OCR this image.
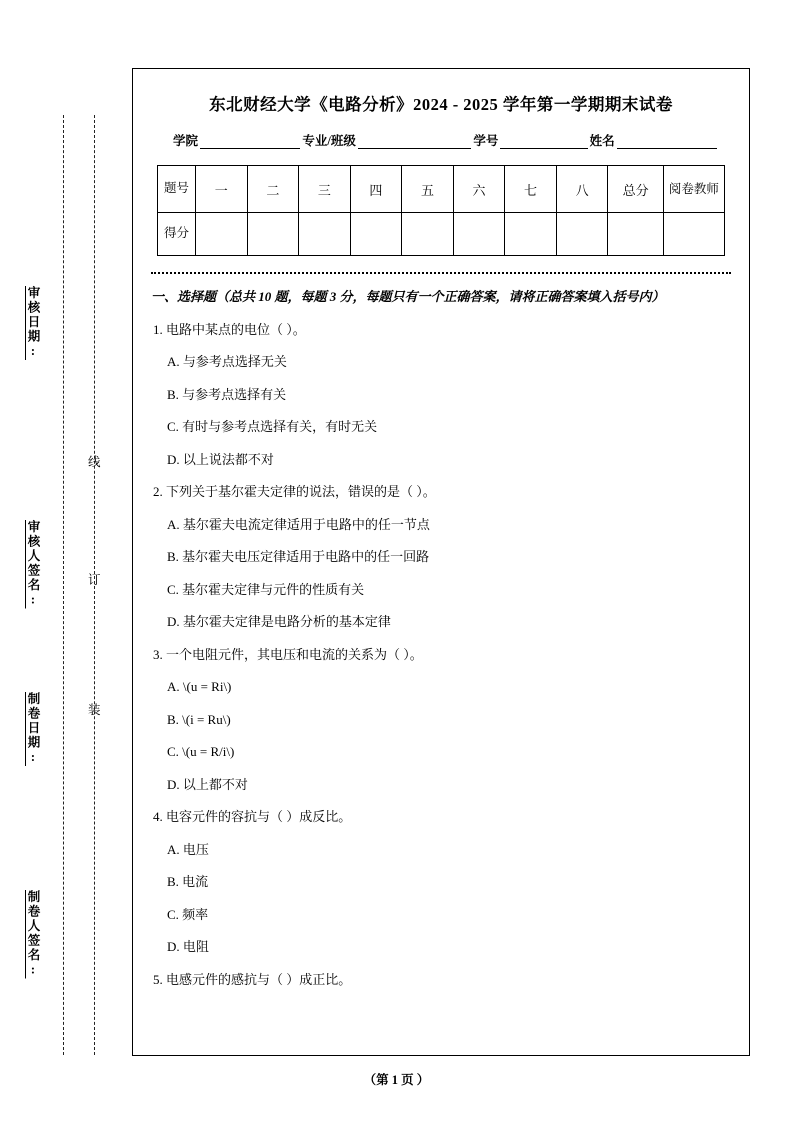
审核日期:
审核人签名:
制卷日期:
制卷人签名:
线
订
装
东北财经大学《电路分析》2024 - 2025 学年第一学期期末试卷
学院	专业/班级	学号	姓名
题号	一	二	三	四	五	六	七	八	总分	阅卷教师
得分										
一、选择题（总共 10 题，每题 3 分，每题只有一个正确答案，请将正确答案填入括号内）
1. 电路中某点的电位（ ）。
A. 与参考点选择无关
B. 与参考点选择有关
C. 有时与参考点选择有关，有时无关
D. 以上说法都不对
2. 下列关于基尔霍夫定律的说法，错误的是（ ）。
A. 基尔霍夫电流定律适用于电路中的任一节点
B. 基尔霍夫电压定律适用于电路中的任一回路
C. 基尔霍夫定律与元件的性质有关
D. 基尔霍夫定律是电路分析的基本定律
3. 一个电阻元件，其电压和电流的关系为（ ）。
A. \(u = Ri\)
B. \(i = Ru\)
C. \(u = R/i\)
D. 以上都不对
4. 电容元件的容抗与（ ）成反比。
A. 电压
B. 电流
C. 频率
D. 电阻
5. 电感元件的感抗与（ ）成正比。
（第 1 页 ）
